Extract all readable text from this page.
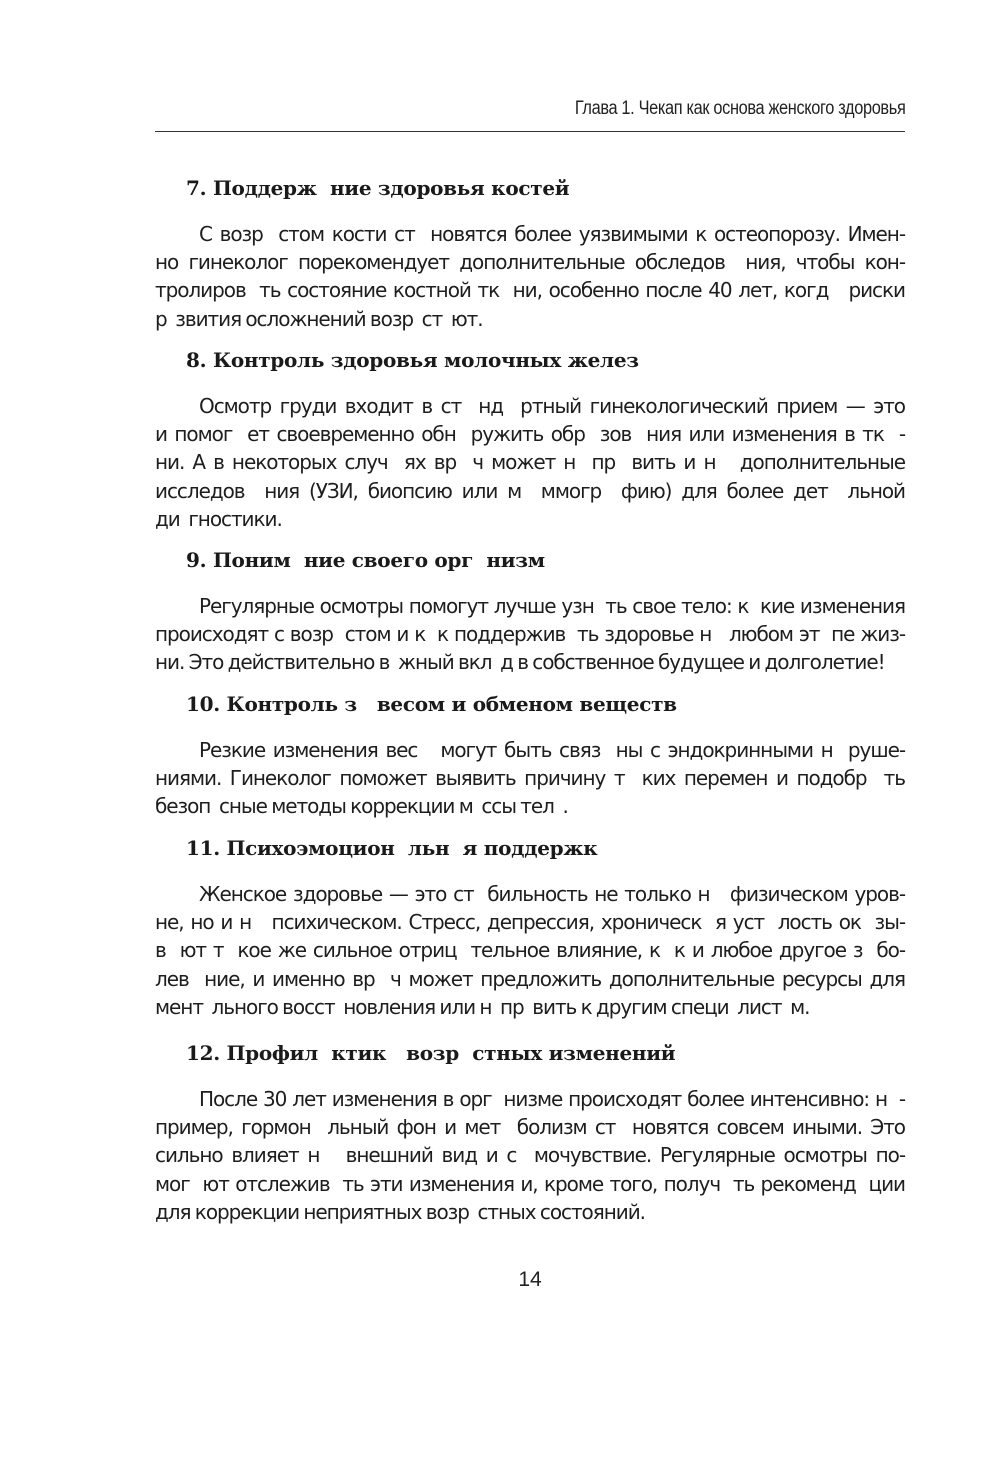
Глава 1. Чекап как основа женского здоровья
7. Поддерж  ние здоровья костей

С возр  стом кости ст  новятся более уязвимыми к остеопорозу. Имен-
но гинеколог порекомендует дополнительные обследов  ния, чтобы кон-
тролиров  ть состояние костной тк  ни, особенно после 40 лет, когд   риски
р  звития осложнений возр  ст  ют.

8. Контроль здоровья молочных желез

Осмотр груди входит в ст  нд  ртный гинекологический прием — это
и помог  ет своевременно обн  ружить обр  зов  ния или изменения в тк  -
ни. А в некоторых случ  ях вр  ч может н  пр  вить и н   дополнительные
исследов  ния (УЗИ, биопсию или м  ммогр  фию) для более дет  льной
ди  гностики.

9. Поним  ние своего орг  низм

Регулярные осмотры помогут лучше узн  ть свое тело: к  кие изменения
происходят с возр  стом и к  к поддержив  ть здоровье н   любом эт  пе жиз-
ни. Это действительно в  жный вкл  д в собственное будущее и долголетие!

10. Контроль з   весом и обменом веществ

Резкие изменения вес   могут быть связ  ны с эндокринными н  руше-
ниями. Гинеколог поможет выявить причину т  ких перемен и подобр  ть
безоп  сные методы коррекции м  ссы тел  .

11. Психоэмоцион  льн  я поддержк

Женское здоровье — это ст  бильность не только н   физическом уров-
не, но и н   психическом. Стресс, депрессия, хроническ  я уст  лость ок  зы-
в  ют т  кое же сильное отриц  тельное влияние, к  к и любое другое з  бо-
лев  ние, и именно вр  ч может предложить дополнительные ресурсы для
мент  льного восст  новления или н  пр  вить к другим специ  лист  м.

12. Профил  ктик   возр  стных изменений

После 30 лет изменения в орг  низме происходят более интенсивно: н  -
пример, гормон  льный фон и мет  болизм ст  новятся совсем иными. Это
сильно влияет н   внешний вид и с  мочувствие. Регулярные осмотры по-
мог  ют отслежив  ть эти изменения и, кроме того, получ  ть рекоменд  ции
для коррекции неприятных возр  стных состояний.

14
